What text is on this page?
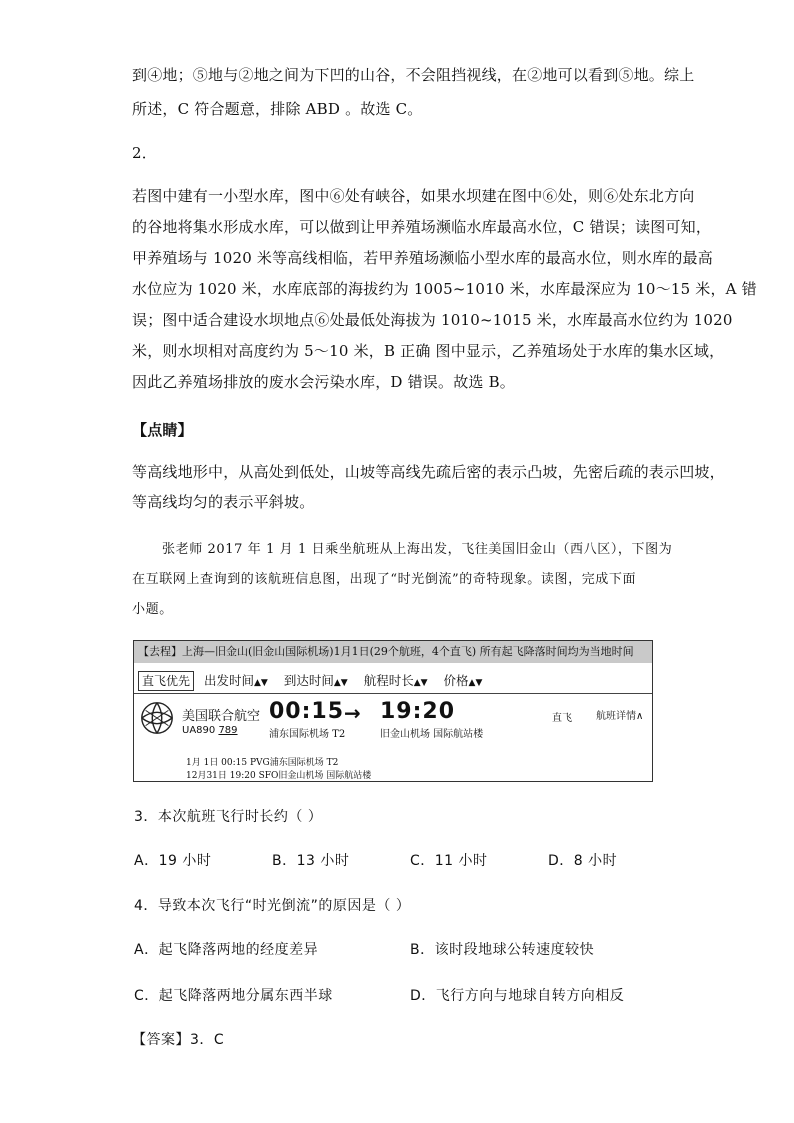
到④地；⑤地与②地之间为下凹的山谷，不会阻挡视线，在②地可以看到⑤地。综上
所述，C 符合题意，排除 ABD 。故选 C。
2．
若图中建有一小型水库，图中⑥处有峡谷，如果水坝建在图中⑥处，则⑥处东北方向
的谷地将集水形成水库，可以做到让甲养殖场濒临水库最高水位，C 错误；读图可知，
甲养殖场与 1020 米等高线相临，若甲养殖场濒临小型水库的最高水位，则水库的最高
水位应为 1020 米，水库底部的海拔约为 1005~1010 米，水库最深应为 10～15 米，A 错
误；图中适合建设水坝地点⑥处最低处海拔为 1010~1015 米，水库最高水位约为 1020
米，则水坝相对高度约为 5～10 米，B 正确 图中显示，乙养殖场处于水库的集水区域，
因此乙养殖场排放的废水会污染水库，D 错误。故选 B。
【点睛】
等高线地形中，从高处到低处，山坡等高线先疏后密的表示凸坡，先密后疏的表示凹坡，
等高线均匀的表示平斜坡。
张老师 2017 年 1 月 1 日乘坐航班从上海出发，飞往美国旧金山（西八区），下图为
在互联网上查询到的该航班信息图，出现了“时光倒流”的奇特现象。读图，完成下面
小题。
【去程】上海—旧金山(旧金山国际机场)1月1日(29个航班，4个直飞) 所有起飞降落时间均为当地时间
直飞优先 出发时间▲▼ 到达时间▲▼ 航程时长▲▼ 价格▲▼
美国联合航空
UA890 789
00:15 → 19:20
浦东国际机场 T2	旧金山机场 国际航站楼
直飞 航班详情∧
1月 1日 00:15 PVG浦东国际机场 T2
12月31日 19:20 SFO旧金山机场 国际航站楼
3．本次航班飞行时长约（ ）
A．19 小时	B．13 小时	C．11 小时	D．8 小时
4．导致本次飞行“时光倒流”的原因是（ ）
A．起飞降落两地的经度差异	B．该时段地球公转速度较快
C．起飞降落两地分属东西半球	D．飞行方向与地球自转方向相反
【答案】3．C
